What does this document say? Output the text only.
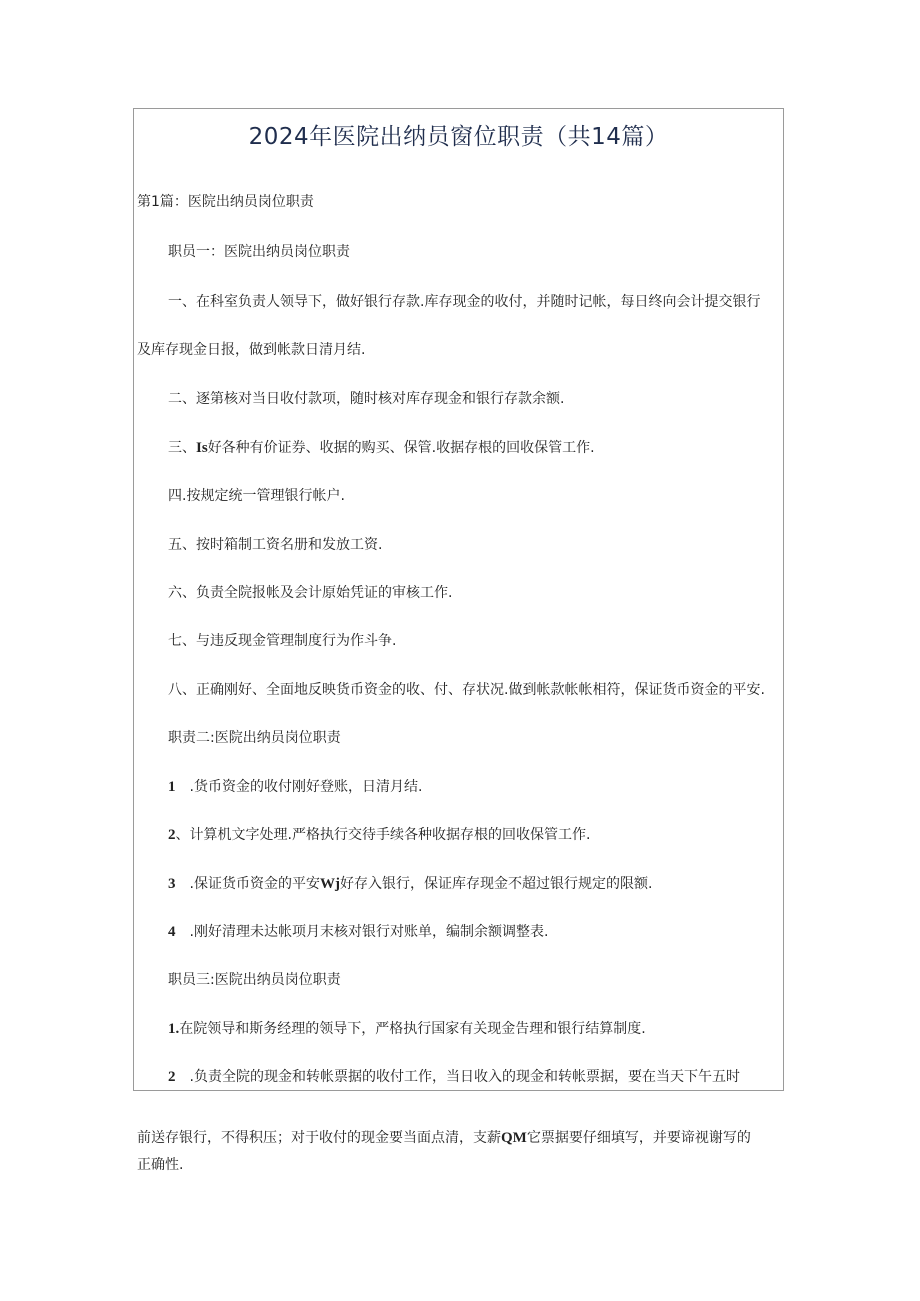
2024年医院出纳员窗位职责（共14篇）
第1篇：医院出纳员岗位职责
职员一：医院出纳员岗位职责
一、在科室负责人领导下，做好银行存款.库存现金的收付，并随时记帐，每日终向会计提交银行
及库存现金日报，做到帐款日清月结.
二、逐第核对当日收付款项，随时核对库存现金和银行存款余额.
三、Is好各种有价证券、收据的购买、保管.收据存根的回收保管工作.
四.按规定统一管理银行帐户.
五、按时箱制工资名册和发放工资.
六、负责全院报帐及会计原始凭证的审核工作.
七、与违反现金管理制度行为作斗争.
八、正确刚好、全面地反映货币资金的收、付、存状况.做到帐款帐帐相符，保证货币资金的平安.
职责二:医院出纳员岗位职责
1 .货币资金的收付刚好登账，日清月结.
2、计算机文字处理.严格执行交待手续各种收据存根的回收保管工作.
3 .保证货币资金的平安Wj好存入银行，保证库存现金不超过银行规定的限额.
4 .刚好清理未达帐项月末核对银行对账单，编制余额调整表.
职员三:医院出纳员岗位职责
1.在院领导和斯务经理的领导下，严格执行国家有关现金告理和银行结算制度.
2 .负责全院的现金和转帐票据的收付工作，当日收入的现金和转帐票据，要在当天下午五时
前送存银行，不得积压；对于收付的现金要当面点清，支薪QM它票据要仔细填写，并要谛视谢写的
正确性.
